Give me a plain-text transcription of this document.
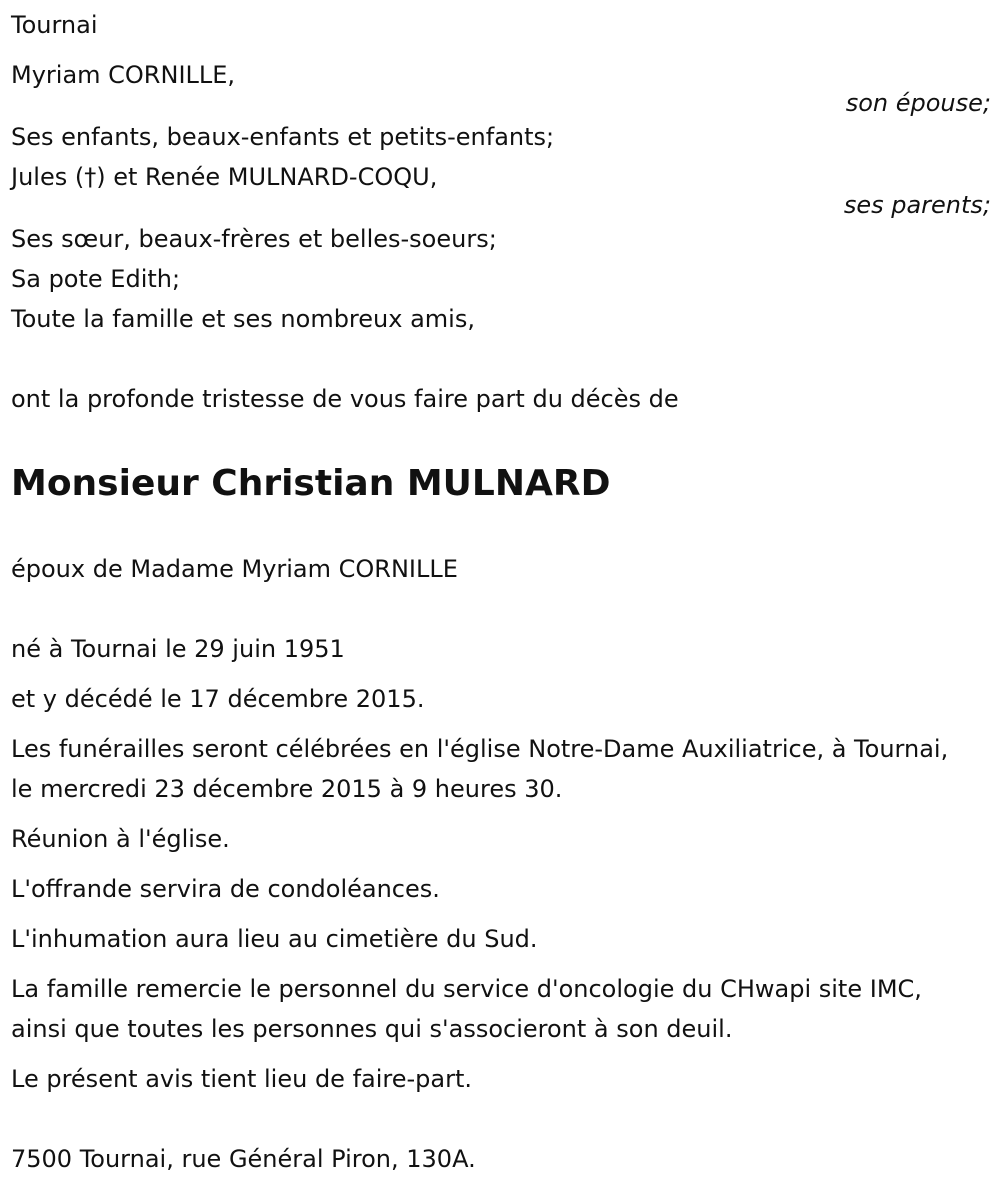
Tournai
Myriam CORNILLE,
son épouse;
Ses enfants, beaux-enfants et petits-enfants;
Jules (†) et Renée MULNARD-COQU,
ses parents;
Ses sœur, beaux-frères et belles-soeurs;
Sa pote Edith;
Toute la famille et ses nombreux amis,
ont la profonde tristesse de vous faire part du décès de
Monsieur Christian MULNARD
époux de Madame Myriam CORNILLE
né à Tournai le 29 juin 1951
et y décédé le 17 décembre 2015.
Les funérailles seront célébrées en l'église Notre-Dame Auxiliatrice, à Tournai, le mercredi 23 décembre 2015 à 9 heures 30.
Réunion à l'église.
L'offrande servira de condoléances.
L'inhumation aura lieu au cimetière du Sud.
La famille remercie le personnel du service d'oncologie du CHwapi site IMC, ainsi que toutes les personnes qui s'associeront à son deuil.
Le présent avis tient lieu de faire-part.
7500 Tournai, rue Général Piron, 130A.
